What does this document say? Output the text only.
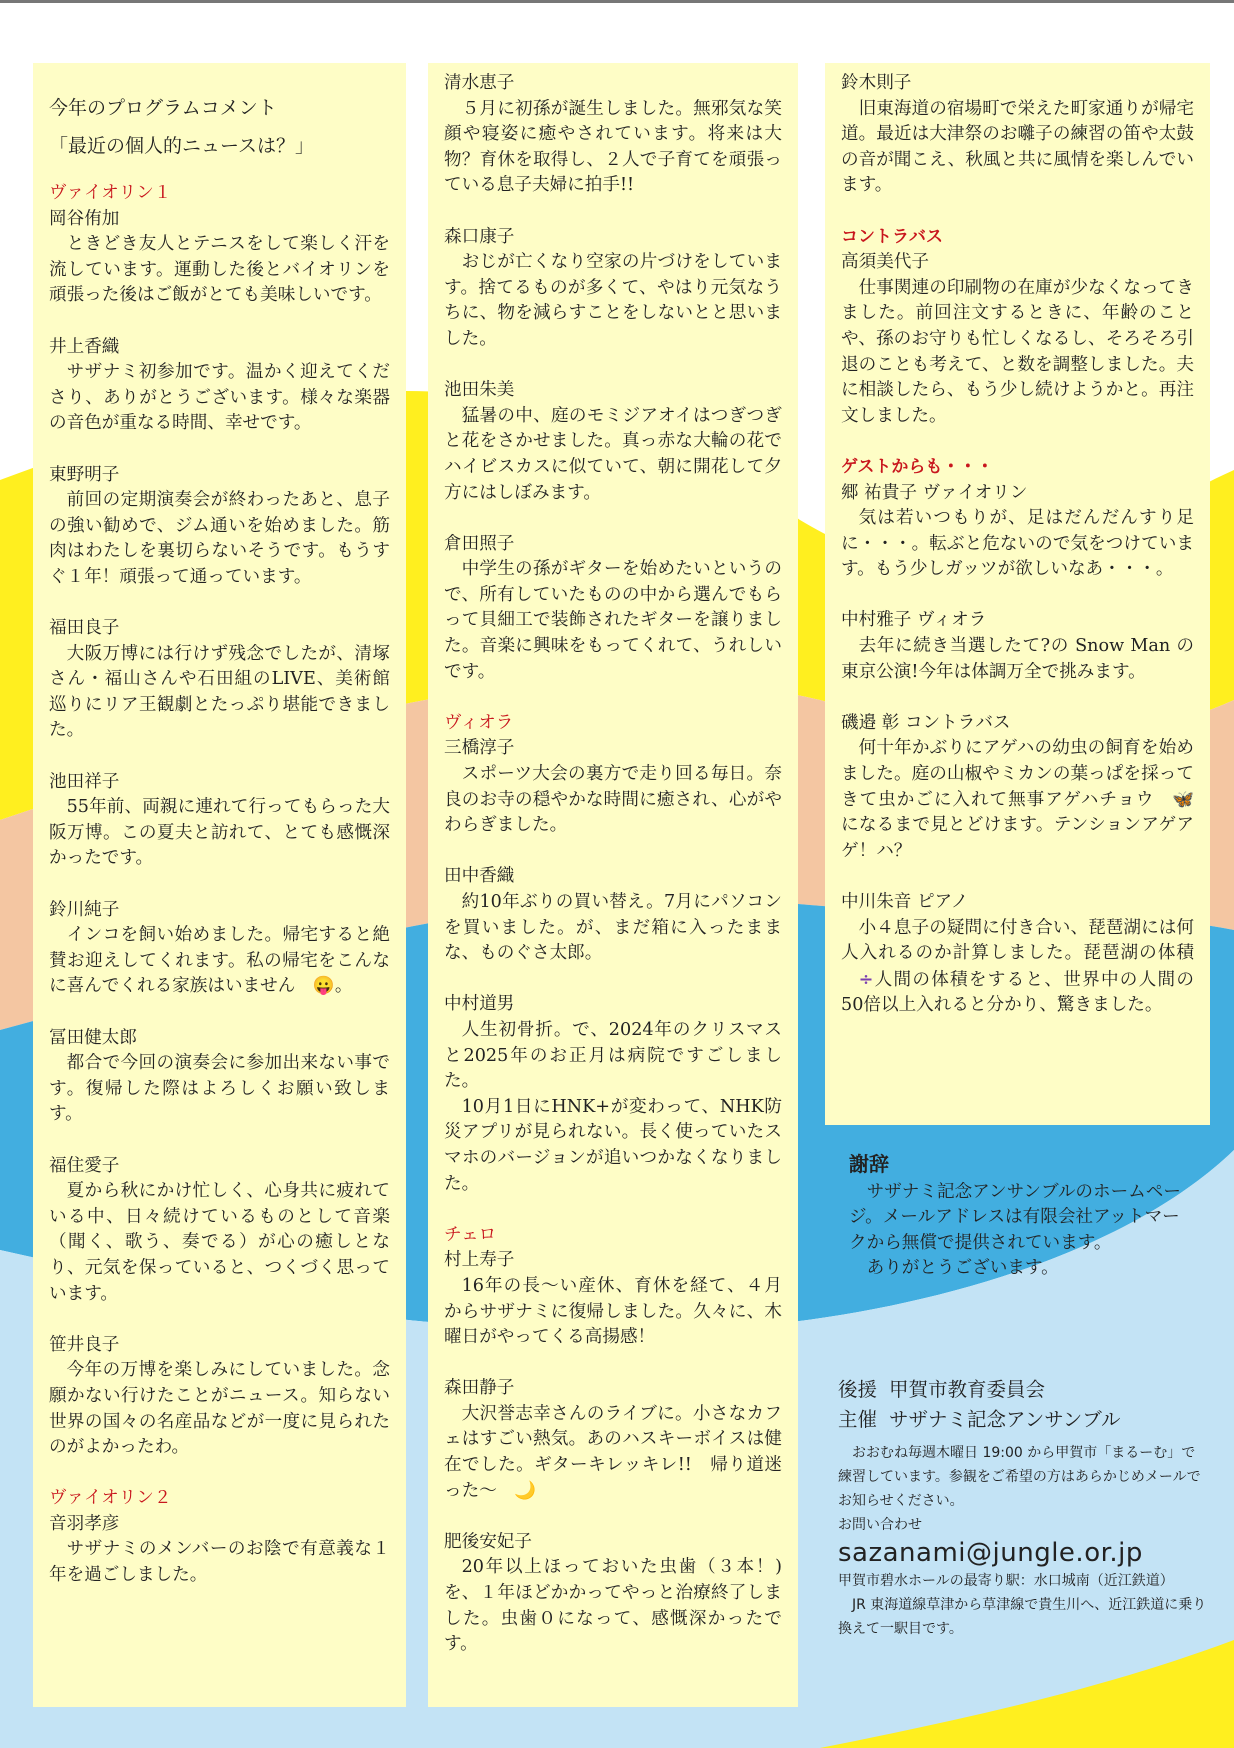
今年のプログラムコメント
「最近の個人的ニュースは？」
ヴァイオリン１
岡谷侑加
ときどき友人とテニスをして楽しく汗を流しています。運動した後とバイオリンを頑張った後はご飯がとても美味しいです。
井上香織
サザナミ初参加です。温かく迎えてくださり、ありがとうございます。様々な楽器の音色が重なる時間、幸せです。
東野明子
前回の定期演奏会が終わったあと、息子の強い勧めで、ジム通いを始めました。筋肉はわたしを裏切らないそうです。もうすぐ１年！頑張って通っています。
福田良子
大阪万博には行けず残念でしたが、清塚さん・福山さんや石田組のLIVE、美術館巡りにリア王観劇とたっぷり堪能できました。
池田祥子
55年前、両親に連れて行ってもらった大阪万博。この夏夫と訪れて、とても感慨深かったです。
鈴川純子
インコを飼い始めました。帰宅すると絶賛お迎えしてくれます。私の帰宅をこんなに喜んでくれる家族はいません 😛。
冨田健太郎
都合で今回の演奏会に参加出来ない事です。復帰した際はよろしくお願い致します。
福住愛子
夏から秋にかけ忙しく、心身共に疲れている中、日々続けているものとして音楽（聞く、歌う、奏でる）が心の癒しとなり、元気を保っていると、つくづく思っています。
笹井良子
今年の万博を楽しみにしていました。念願かない行けたことがニュース。知らない世界の国々の名産品などが一度に見られたのがよかったわ。
ヴァイオリン２
音羽孝彦
サザナミのメンバーのお陰で有意義な１年を過ごしました。
清水恵子
５月に初孫が誕生しました。無邪気な笑顔や寝姿に癒やされています。将来は大物？育休を取得し、２人で子育てを頑張っている息子夫婦に拍手!!
森口康子
おじが亡くなり空家の片づけをしています。捨てるものが多くて、やはり元気なうちに、物を減らすことをしないとと思いました。
池田朱美
猛暑の中、庭のモミジアオイはつぎつぎと花をさかせました。真っ赤な大輪の花でハイビスカスに似ていて、朝に開花して夕方にはしぼみます。
倉田照子
中学生の孫がギターを始めたいというので、所有していたものの中から選んでもらって貝細工で装飾されたギターを譲りました。音楽に興味をもってくれて、うれしいです。
ヴィオラ
三橋淳子
スポーツ大会の裏方で走り回る毎日。奈良のお寺の穏やかな時間に癒され、心がやわらぎました。
田中香織
約10年ぶりの買い替え。7月にパソコンを買いました。が、まだ箱に入ったままな、ものぐさ太郎。
中村道男
人生初骨折。で、2024年のクリスマスと2025年のお正月は病院ですごしました。
10月1日にHNK+が変わって、NHK防災アプリが見られない。長く使っていたスマホのバージョンが追いつかなくなりました。
チェロ
村上寿子
16年の長〜い産休、育休を経て、４月からサザナミに復帰しました。久々に、木曜日がやってくる高揚感！
森田静子
大沢誉志幸さんのライブに。小さなカフェはすごい熱気。あのハスキーボイスは健在でした。ギターキレッキレ!!　帰り道迷った〜 🌙
肥後安妃子
20年以上ほっておいた虫歯（３本！)を、１年ほどかかってやっと治療終了しました。虫歯０になって、感慨深かったです。
鈴木則子
旧東海道の宿場町で栄えた町家通りが帰宅道。最近は大津祭のお囃子の練習の笛や太鼓の音が聞こえ、秋風と共に風情を楽しんでいます。
コントラバス
高須美代子
仕事関連の印刷物の在庫が少なくなってきました。前回注文するときに、年齢のことや、孫のお守りも忙しくなるし、そろそろ引退のことも考えて、と数を調整しました。夫に相談したら、もう少し続けようかと。再注文しました。
ゲストからも・・・
郷 祐貴子 ヴァイオリン
気は若いつもりが、足はだんだんすり足に・・・。転ぶと危ないので気をつけています。もう少しガッツが欲しいなあ・・・。
中村雅子 ヴィオラ
去年に続き当選したて?の Snow Man の東京公演!今年は体調万全で挑みます。
磯邉 彰 コントラバス
何十年かぶりにアゲハの幼虫の飼育を始めました。庭の山椒やミカンの葉っぱを採ってきて虫かごに入れて無事アゲハチョウ 🦋になるまで見とどけます。テンションアゲアゲ！ハ？
中川朱音 ピアノ
小４息子の疑問に付き合い、琵琶湖には何人入れるのか計算しました。琵琶湖の体積÷人間の体積をすると、世界中の人間の50倍以上入れると分かり、驚きました。
謝辞
サザナミ記念アンサンブルのホームページ。メールアドレスは有限会社アットマークから無償で提供されています。
ありがとうございます。
後援 甲賀市教育委員会
主催 サザナミ記念アンサンブル
おおむね毎週木曜日 19:00 から甲賀市「まるーむ」で練習しています。参観をご希望の方はあらかじめメールでお知らせください。
お問い合わせ
sazanami@jungle.or.jp
甲賀市碧水ホールの最寄り駅：水口城南（近江鉄道）
JR 東海道線草津から草津線で貴生川へ、近江鉄道に乗り換えて一駅目です。
